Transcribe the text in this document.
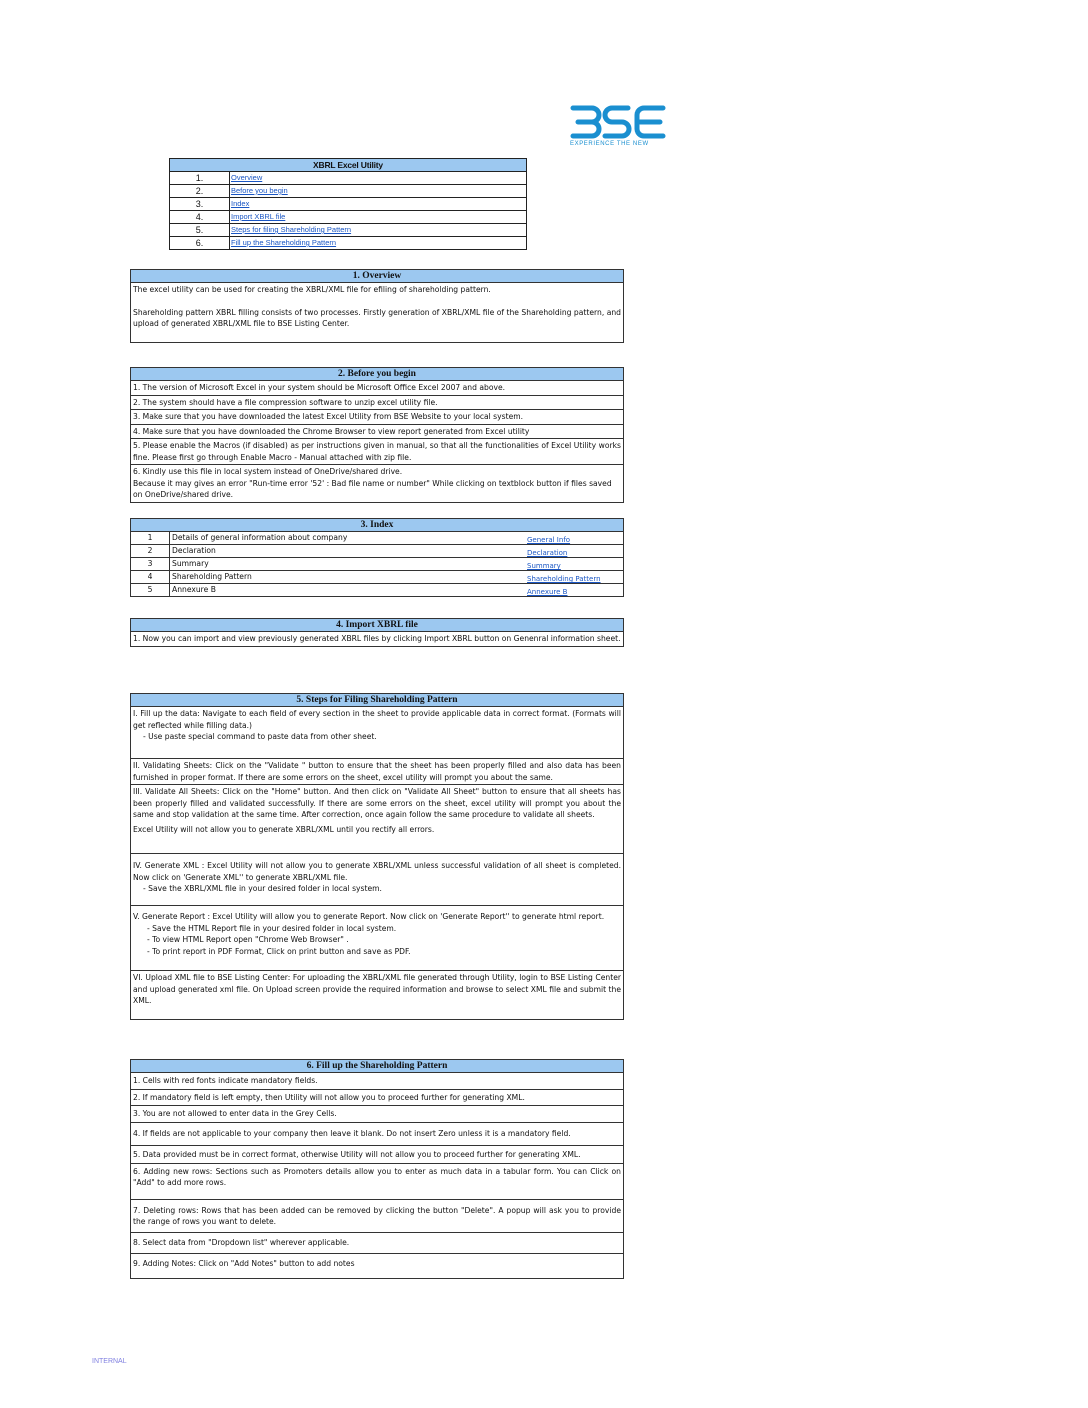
EXPERIENCE THE NEW
XBRL Excel Utility
1.	Overview
2.	Before you begin
3.	Index
4.	Import XBRL file
5.	Steps for filing Shareholding Pattern
6.	Fill up the Shareholding Pattern
1. Overview

The excel utility can be used for creating the XBRL/XML file for efiling of shareholding pattern.

Shareholding pattern XBRL filling consists of two processes. Firstly generation of XBRL/XML file of the Shareholding pattern, and upload of generated XBRL/XML file to BSE Listing Center.

2. Before you begin
1. The version of Microsoft Excel in your system should be Microsoft Office Excel 2007 and above.
2. The system should have a file compression software to unzip excel utility file.
3. Make sure that you have downloaded the latest Excel Utility from BSE Website to your local system.
4. Make sure that you have downloaded the Chrome Browser to view report generated from Excel utility
5. Please enable the Macros (if disabled) as per instructions given in manual, so that all the functionalities of Excel Utility works fine. Please first go through Enable Macro - Manual attached with zip file.

6. Kindly use this file in local system instead of OneDrive/shared drive.

Because it may gives an error "Run-time error '52' : Bad file name or number" While clicking on textblock button if files saved on OneDrive/shared drive.

3. Index
1	Details of general information about company	General Info
2	Declaration	Declaration
3	Summary	Summary
4	Shareholding Pattern	Shareholding Pattern
5	Annexure B	Annexure B
4. Import XBRL file
1. Now you can import and view previously generated XBRL files by clicking Import XBRL button on Genenral information sheet.
5. Steps for Filing Shareholding Pattern

I. Fill up the data: Navigate to each field of every section in the sheet to provide applicable data in correct format. (Formats will get reflected while filling data.)

- Use paste special command to paste data from other sheet.

II. Validating Sheets: Click on the "Validate " button to ensure that the sheet has been properly filled and also data has been furnished in proper format. If there are some errors on the sheet, excel utility will prompt you about the same.

III. Validate All Sheets: Click on the "Home" button. And then click on "Validate All Sheet" button to ensure that all sheets has been properly filled and validated successfully. If there are some errors on the sheet, excel utility will prompt you about the same and stop validation at the same time. After correction, once again follow the same procedure to validate all sheets.

Excel Utility will not allow you to generate XBRL/XML until you rectify all errors.

IV. Generate XML : Excel Utility will not allow you to generate XBRL/XML unless successful validation of all sheet is completed. Now click on 'Generate XML'' to generate XBRL/XML file.

- Save the XBRL/XML file in your desired folder in local system.

V. Generate Report : Excel Utility will allow you to generate Report. Now click on 'Generate Report'' to generate html report.

- Save the HTML Report file in your desired folder in local system.

- To view HTML Report open "Chrome Web Browser" .

- To print report in PDF Format, Click on print button and save as PDF.

VI. Upload XML file to BSE Listing Center: For uploading the XBRL/XML file generated through Utility, login to BSE Listing Center and upload generated xml file. On Upload screen provide the required information and browse to select XML file and submit the XML.

6. Fill up the Shareholding Pattern
1. Cells with red fonts indicate mandatory fields.
2. If mandatory field is left empty, then Utility will not allow you to proceed further for generating XML.
3. You are not allowed to enter data in the Grey Cells.
4. If fields are not applicable to your company then leave it blank. Do not insert Zero unless it is a mandatory field.
5. Data provided must be in correct format, otherwise Utility will not allow you to proceed further for generating XML.
6. Adding new rows: Sections such as Promoters details allow you to enter as much data in a tabular form. You can Click on "Add" to add more rows.
7. Deleting rows: Rows that has been added can be removed by clicking the button "Delete". A popup will ask you to provide the range of rows you want to delete.
8. Select data from "Dropdown list" wherever applicable.
9. Adding Notes: Click on "Add Notes" button to add notes
INTERNAL
